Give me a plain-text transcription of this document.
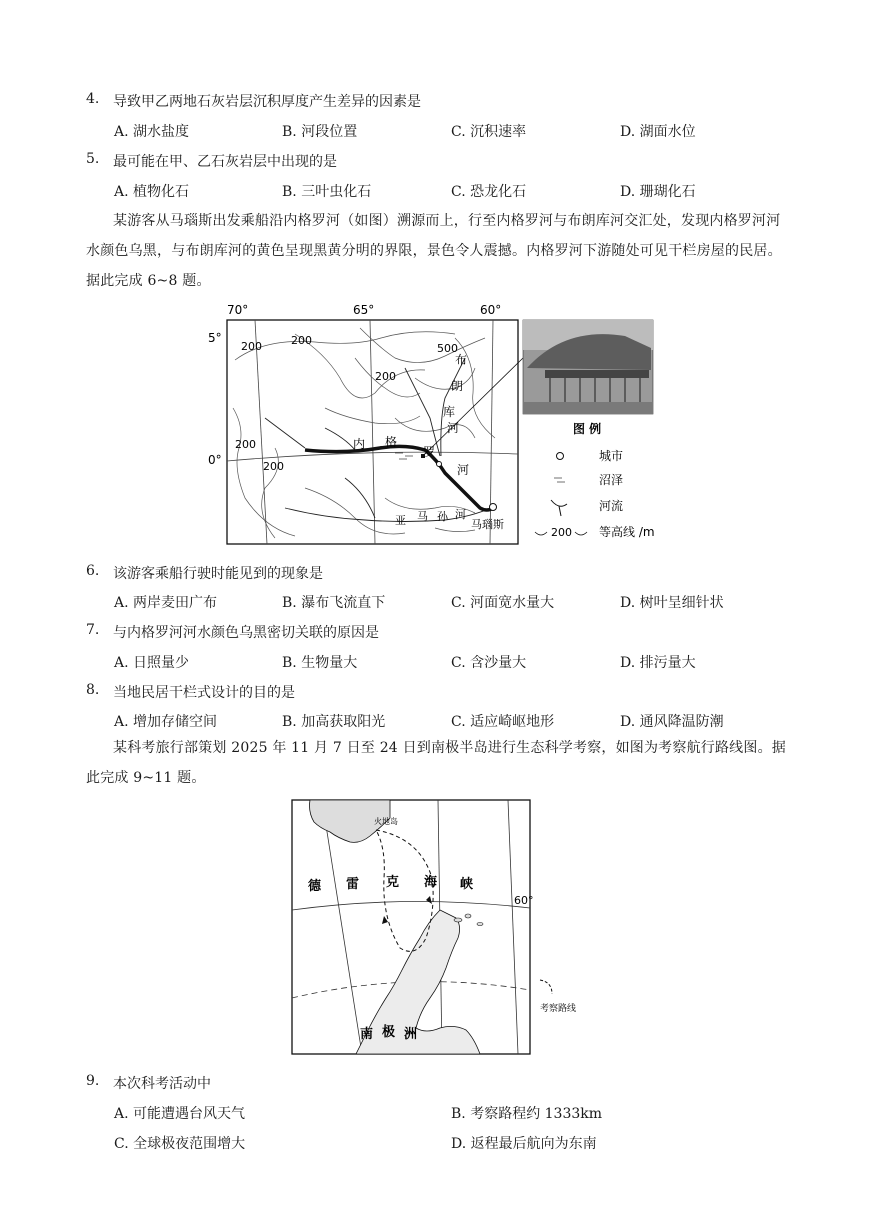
4. 导致甲乙两地石灰岩层沉积厚度产生差异的因素是
A. 湖水盐度	B. 河段位置	C. 沉积速率	D. 湖面水位
5. 最可能在甲、乙石灰岩层中出现的是
A. 植物化石	B. 三叶虫化石	C. 恐龙化石	D. 珊瑚化石
某游客从马瑙斯出发乘船沿内格罗河（如图）溯源而上，行至内格罗河与布朗库河交汇处，发现内格罗河河水颜色乌黑，与布朗库河的黄色呈现黑黄分明的界限，景色令人震撼。内格罗河下游随处可见干栏房屋的民居。据此完成 6~8 题。
70°	65°	60°
5°
0°
200	200
500
200
200
200
布
朗
库
河
内 格
罗
河
亚 马 孙 河
马瑙斯
图 例
城市
沼泽
河流
200 等高线 /m
6. 该游客乘船行驶时能见到的现象是
A. 两岸麦田广布	B. 瀑布飞流直下	C. 河面宽水量大	D. 树叶呈细针状
7. 与内格罗河河水颜色乌黑密切关联的原因是
A. 日照量少	B. 生物量大	C. 含沙量大	D. 排污量大
8. 当地民居干栏式设计的目的是
A. 增加存储空间	B. 加高获取阳光	C. 适应崎岖地形	D. 通风降温防潮
某科考旅行部策划 2025 年 11 月 7 日至 24 日到南极半岛进行生态科学考察，如图为考察航行路线图。据此完成 9~11 题。
火地岛
德 雷 克 海 峡
60°
南 极 洲
考察路线
9. 本次科考活动中
A. 可能遭遇台风天气	B. 考察路程约 1333km
C. 全球极夜范围增大	D. 返程最后航向为东南
